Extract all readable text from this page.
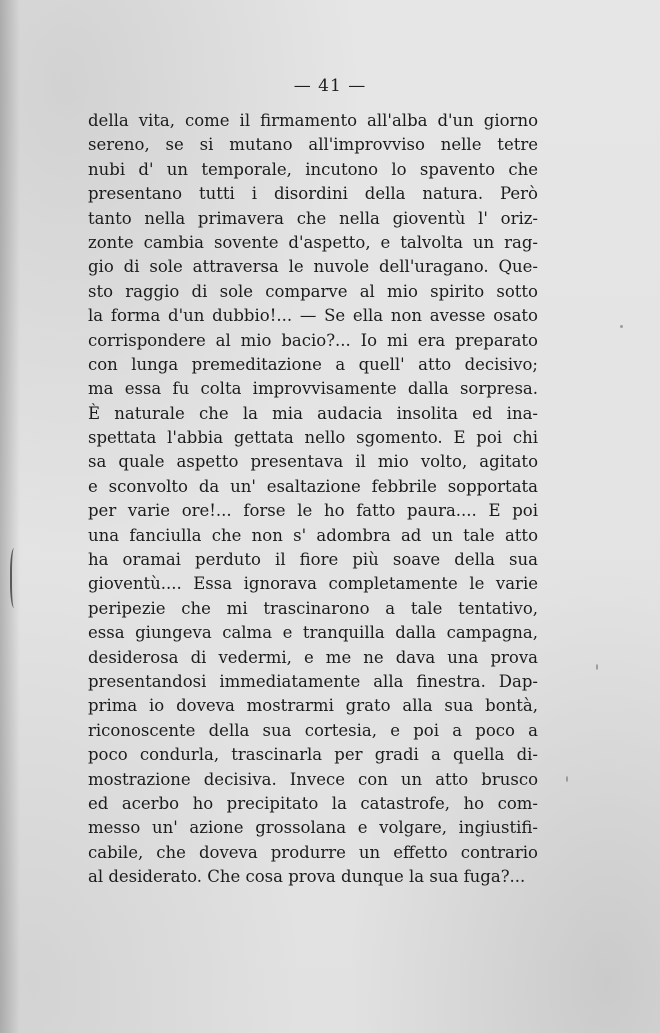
— 41 —
della vita, come il firmamento all'alba d'un giorno
sereno, se si mutano all'improvviso nelle tetre
nubi d' un temporale, incutono lo spavento che
presentano tutti i disordini della natura. Però
tanto nella primavera che nella gioventù l' oriz-
zonte cambia sovente d'aspetto, e talvolta un rag-
gio di sole attraversa le nuvole dell'uragano. Que-
sto raggio di sole comparve al mio spirito sotto
la forma d'un dubbio!... — Se ella non avesse osato
corrispondere al mio bacio?... Io mi era preparato
con lunga premeditazione a quell' atto decisivo;
ma essa fu colta improvvisamente dalla sorpresa.
È naturale che la mia audacia insolita ed ina-
spettata l'abbia gettata nello sgomento. E poi chi
sa quale aspetto presentava il mio volto, agitato
e sconvolto da un' esaltazione febbrile sopportata
per varie ore!... forse le ho fatto paura.... E poi
una fanciulla che non s' adombra ad un tale atto
ha oramai perduto il fiore più soave della sua
gioventù.... Essa ignorava completamente le varie
peripezie che mi trascinarono a tale tentativo,
essa giungeva calma e tranquilla dalla campagna,
desiderosa di vedermi, e me ne dava una prova
presentandosi immediatamente alla finestra. Dap-
prima io doveva mostrarmi grato alla sua bontà,
riconoscente della sua cortesia, e poi a poco a
poco condurla, trascinarla per gradi a quella di-
mostrazione decisiva. Invece con un atto brusco
ed acerbo ho precipitato la catastrofe, ho com-
messo un' azione grossolana e volgare, ingiustifi-
cabile, che doveva produrre un effetto contrario
al desiderato. Che cosa prova dunque la sua fuga?...
